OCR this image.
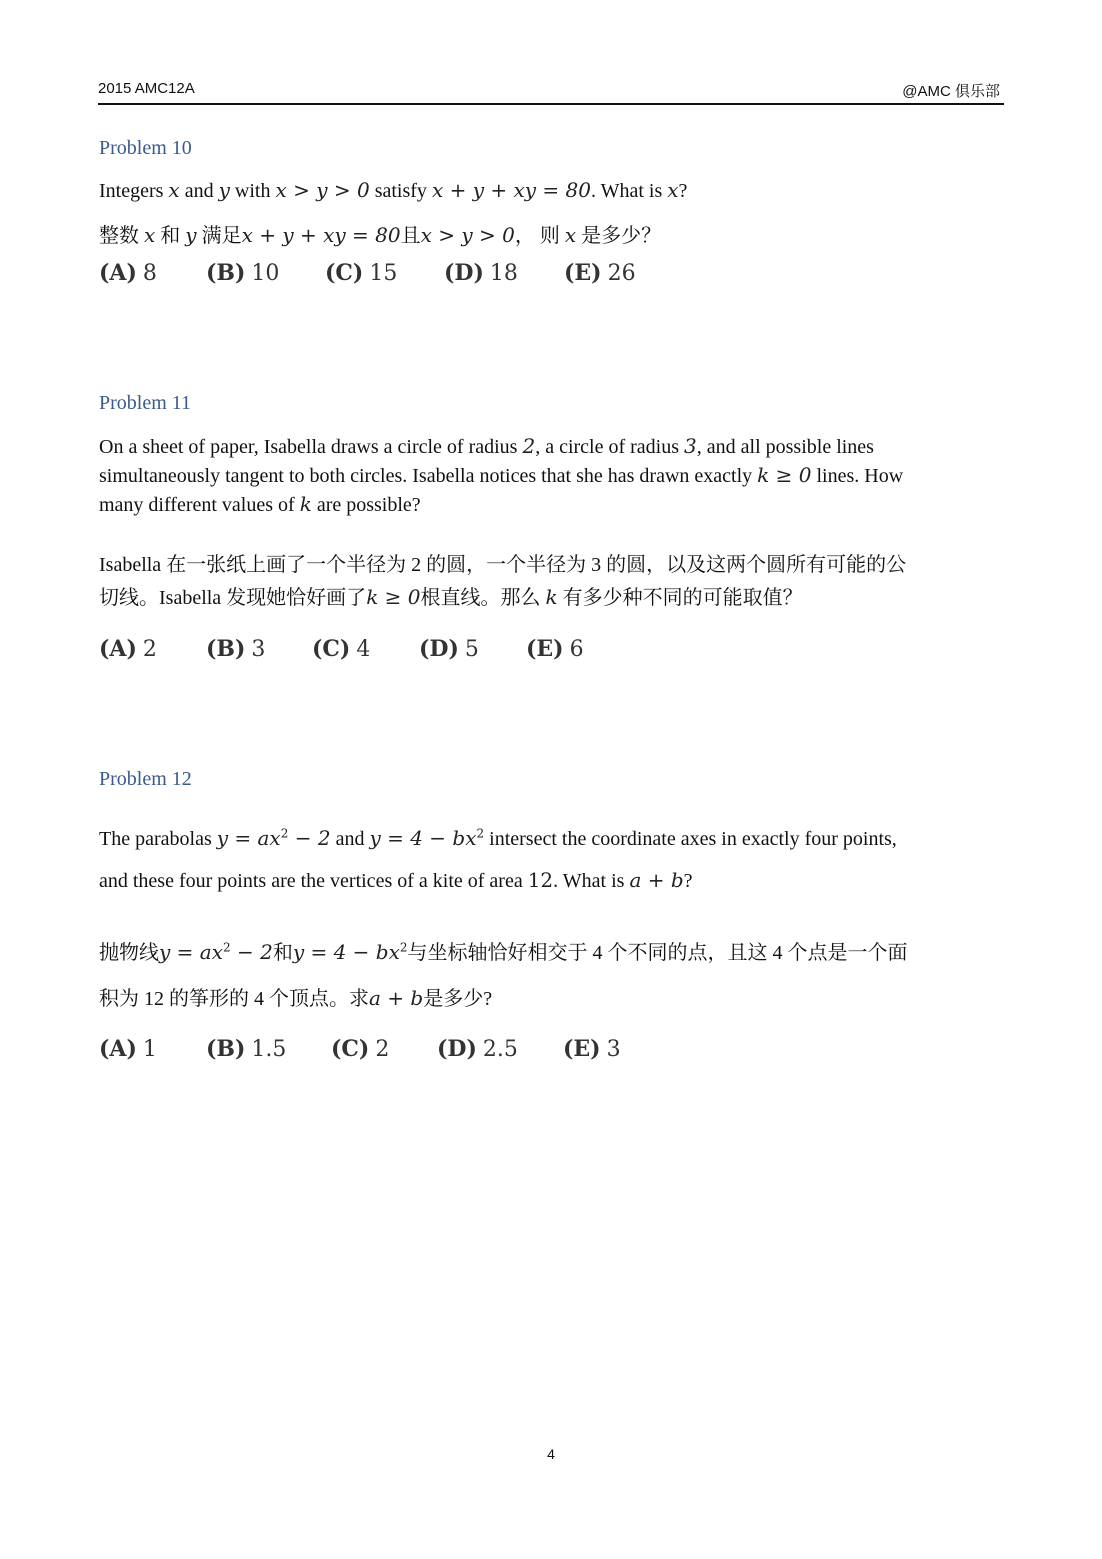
2015 AMC12A	@AMC 俱乐部
Problem 10
Integers x and y with x > y > 0 satisfy x + y + xy = 80. What is x?
整数 x 和 y 满足x + y + xy = 80且x > y > 0， 则 x 是多少？
(A) 8 (B) 10 (C) 15 (D) 18 (E) 26
Problem 11
On a sheet of paper, Isabella draws a circle of radius 2, a circle of radius 3, and all possible lines
simultaneously tangent to both circles. Isabella notices that she has drawn exactly k ≥ 0 lines. How
many different values of k are possible?
Isabella 在一张纸上画了一个半径为 2 的圆，一个半径为 3 的圆，以及这两个圆所有可能的公
切线。Isabella 发现她恰好画了k ≥ 0根直线。那么 k 有多少种不同的可能取值？
(A) 2 (B) 3 (C) 4 (D) 5 (E) 6
Problem 12
The parabolas $y = ax^2 - 2$ and $y = 4 - bx^2$ intersect the coordinate axes in exactly four points,
and these four points are the vertices of a kite of area 12. What is a + b?
抛物线$y = ax^2 - 2$和$y = 4 - bx^2$与坐标轴恰好相交于 4 个不同的点，且这 4 个点是一个面
积为 12 的筝形的 4 个顶点。求a + b是多少?
(A) 1 (B) 1.5 (C) 2 (D) 2.5 (E) 3
4
